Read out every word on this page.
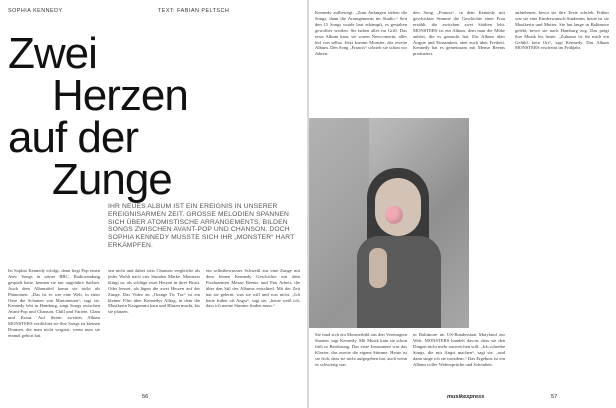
SOPHIA KENNEDY	TEXT: FABIAN PELTSCH
Zwei
Herzen
auf der
Zunge
IHR NEUES ALBUM IST EIN EREIGNIS IN UNSERER EREIGNISARMEN ZEIT. GROSSE MELODIEN SPANNEN SICH ÜBER ATOMISTISCHE ARRANGEMENTS, BILDEN SONGS ZWISCHEN AVANT-POP UND CHANSON. DOCH SOPHIA KENNEDY MUSSTE SICH IHR „MONSTER“ HART ERKÄMPFEN.
Ist Sophia Kennedy erfolgt, dann liegt Pop einen Avec Songs in seiner BBC. Radiosendung gespielt hatte, kennen sie nur ungefähre Sachen. Auch dem Albumtitel kennt sie nicht als Phänomen. „Das ist es wie eine Welt, in einer Oase die Schatten von Marionetten“, sagt sie. Kennedy lebt in Hamburg, singt Songs zwischen Avant-Pop und Chanson, Chill und Varieté, Glam und Kraut. Auf ihrem zweiten Album MONSTERS verdichtet sie ihre Songs zu kleinen Dramen, die man nicht vergisst, wenn man sie einmal gehört hat.
sen nicht und dabei stets Chanson vergleiche als jedes Wohlt nach vier Stunden Marke. Monsters klingt so, als schlüge zwei Herzen in ihrer Brust. Oder besser, als lägen die zwei Herzen auf der Zunge. Das Video zu „Orange Tic Tac“ ist ein kleiner Film über Kennedys Alltag, in dem die Musikerin Kaugummi kaut und Blasen macht, bis sie platzen.
ein selbstbewusster Schweiß aus eine Zunge mit dem feinen Kennedy Geschichte mit dem Produzenten Mense Reents und Pan Arbeit, die über den Stil des Albums entschied. Mit der Zeit hat sie gelernt, was sie will und was nicht. „Ich hatte früher oft Angst“, sagt sie, „heute weiß ich, dass ich meine Stimme finden muss.“
56
Kennedy aufbewegt. „Zum Anfangen stehen die Songs, dann die Arrangements im Studio.“ Seit den 15 Songs wurde hart erkämpft, es gestalten gewollter werden. Sie haben alles im Griff. Das erste Album kam, sie waren Newcomerin, alles lief von selbst. Jetzt kommt Monster, das zweite Album. Den Song „Francis“ schrieb sie schon vor Jahren.
den Song „Francis“, in dem Kennedy mit geschickter Stimme die Geschichte einer Frau erzählt, die zwischen zwei Städten lebt. MONSTERS ist ein Album, dem man die Mühe anhört, die es gemacht hat. Ein Album über Ängste und Einsamkeit, aber auch über Freiheit. Kennedy hat es gemeinsam mit Mense Reents produziert.
aufnehmen, bevor sie ihre Texte schrieb. Früher war sie eine Kinderwunsch-Studentin, heute ist sie Musikerin und Mutter. Sie hat lange in Baltimore gelebt, bevor sie nach Hamburg zog. Das prägt ihre Musik bis heute. „Zuhause ist für mich ein Gefühl, kein Ort“, sagt Kennedy. Das Album MONSTERS erscheint im Frühjahr.
Sie fand sich ein Monsterbild aus den Vereinigten Staaten, sagt Kennedy. Mit Musik kam sie schon früh in Berührung. Das erste Instrument war das Klavier, das zweite die eigene Stimme. Heute ist sie froh, dass sie nicht aufgegeben hat, auch wenn es schwierig war.
in Baltimore im US-Bundesstaat Maryland zur Welt. MONSTERS handelt davon, dass sie den Dingen nicht mehr ausweichen will. „Ich schreibe Songs, die mir Angst machen“, sagt sie, „und dann singe ich sie trotzdem.“ Das Ergebnis ist ein Album voller Widersprüche und Schönheit.
musikexpress	57
